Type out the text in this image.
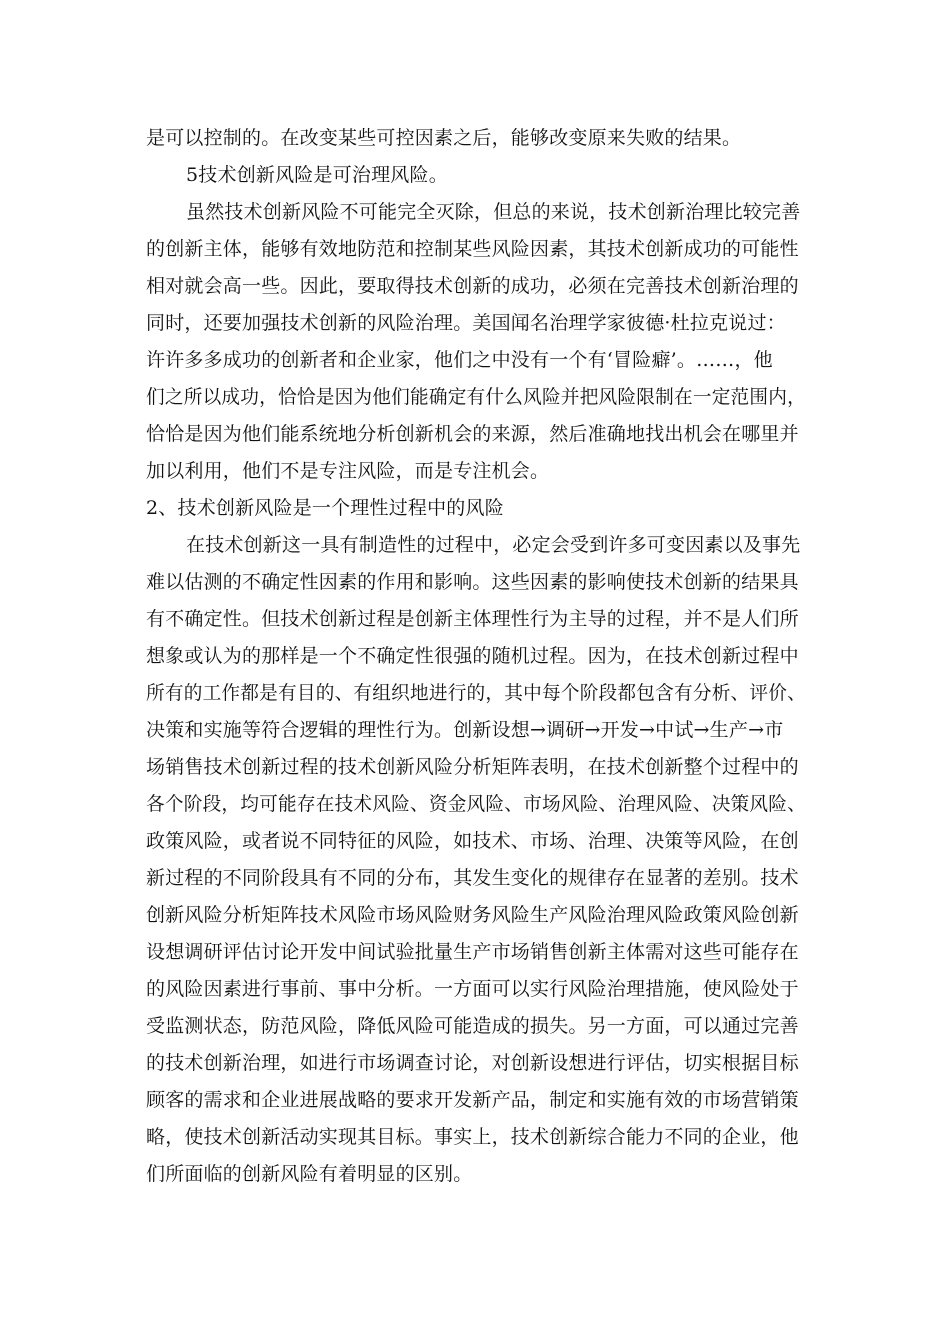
是可以控制的。在改变某些可控因素之后，能够改变原来失败的结果。
5技术创新风险是可治理风险。
虽然技术创新风险不可能完全灭除，但总的来说，技术创新治理比较完善
的创新主体，能够有效地防范和控制某些风险因素，其技术创新成功的可能性
相对就会高一些。因此，要取得技术创新的成功，必须在完善技术创新治理的
同时，还要加强技术创新的风险治理。美国闻名治理学家彼德·杜拉克说过：
许许多多成功的创新者和企业家，他们之中没有一个有‘冒险癖’。……，他
们之所以成功，恰恰是因为他们能确定有什么风险并把风险限制在一定范围内，
恰恰是因为他们能系统地分析创新机会的来源，然后准确地找出机会在哪里并
加以利用，他们不是专注风险，而是专注机会。
2、技术创新风险是一个理性过程中的风险
在技术创新这一具有制造性的过程中，必定会受到许多可变因素以及事先
难以估测的不确定性因素的作用和影响。这些因素的影响使技术创新的结果具
有不确定性。但技术创新过程是创新主体理性行为主导的过程，并不是人们所
想象或认为的那样是一个不确定性很强的随机过程。因为，在技术创新过程中
所有的工作都是有目的、有组织地进行的，其中每个阶段都包含有分析、评价、
决策和实施等符合逻辑的理性行为。创新设想→调研→开发→中试→生产→市
场销售技术创新过程的技术创新风险分析矩阵表明，在技术创新整个过程中的
各个阶段，均可能存在技术风险、资金风险、市场风险、治理风险、决策风险、
政策风险，或者说不同特征的风险，如技术、市场、治理、决策等风险，在创
新过程的不同阶段具有不同的分布，其发生变化的规律存在显著的差别。技术
创新风险分析矩阵技术风险市场风险财务风险生产风险治理风险政策风险创新
设想调研评估讨论开发中间试验批量生产市场销售创新主体需对这些可能存在
的风险因素进行事前、事中分析。一方面可以实行风险治理措施，使风险处于
受监测状态，防范风险，降低风险可能造成的损失。另一方面，可以通过完善
的技术创新治理，如进行市场调查讨论，对创新设想进行评估，切实根据目标
顾客的需求和企业进展战略的要求开发新产品，制定和实施有效的市场营销策
略，使技术创新活动实现其目标。事实上，技术创新综合能力不同的企业，他
们所面临的创新风险有着明显的区别。
